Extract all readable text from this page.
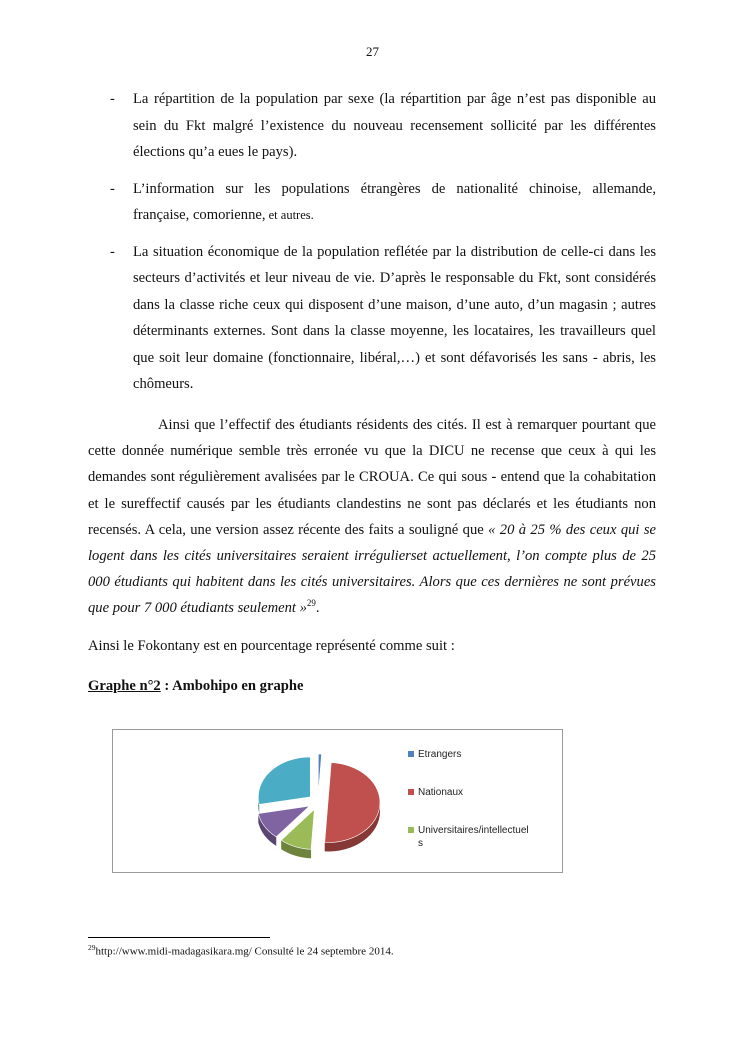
27
- La répartition de la population par sexe (la répartition par âge n’est pas disponible au sein du Fkt malgré l’existence du nouveau recensement sollicité par les différentes élections qu’a eues le pays).
- L’information sur les populations étrangères de nationalité chinoise, allemande, française, comorienne, et autres.
- La situation économique de la population reflétée par la distribution de celle-ci dans les secteurs d’activités et leur niveau de vie. D’après le responsable du Fkt, sont considérés dans la classe riche ceux qui disposent d’une maison, d’une auto, d’un magasin ; autres déterminants externes. Sont dans la classe moyenne, les locataires, les travailleurs quel que soit leur domaine (fonctionnaire, libéral,…) et sont défavorisés les sans - abris, les chômeurs.
Ainsi que l’effectif des étudiants résidents des cités. Il est à remarquer pourtant que cette donnée numérique semble très erronée vu que la DICU ne recense que ceux à qui les demandes sont régulièrement avalisées par le CROUA. Ce qui sous - entend que la cohabitation et le sureffectif causés par les étudiants clandestins ne sont pas déclarés et les étudiants non recensés. A cela, une version assez récente des faits a souligné que « 20 à 25 % des ceux qui se logent dans les cités universitaires seraient irrégulierset actuellement, l’on compte plus de 25 000 étudiants qui habitent dans les cités universitaires. Alors que ces dernières ne sont prévues que pour 7 000 étudiants seulement »$^{29}$.
Ainsi le Fokontany est en pourcentage représenté comme suit :
Graphe n°2 : Ambohipo en graphe
Etrangers
Nationaux
Universitaires/intellectuel
s
$^{29}$http://www.midi-madagasikara.mg/ Consulté le 24 septembre 2014.
